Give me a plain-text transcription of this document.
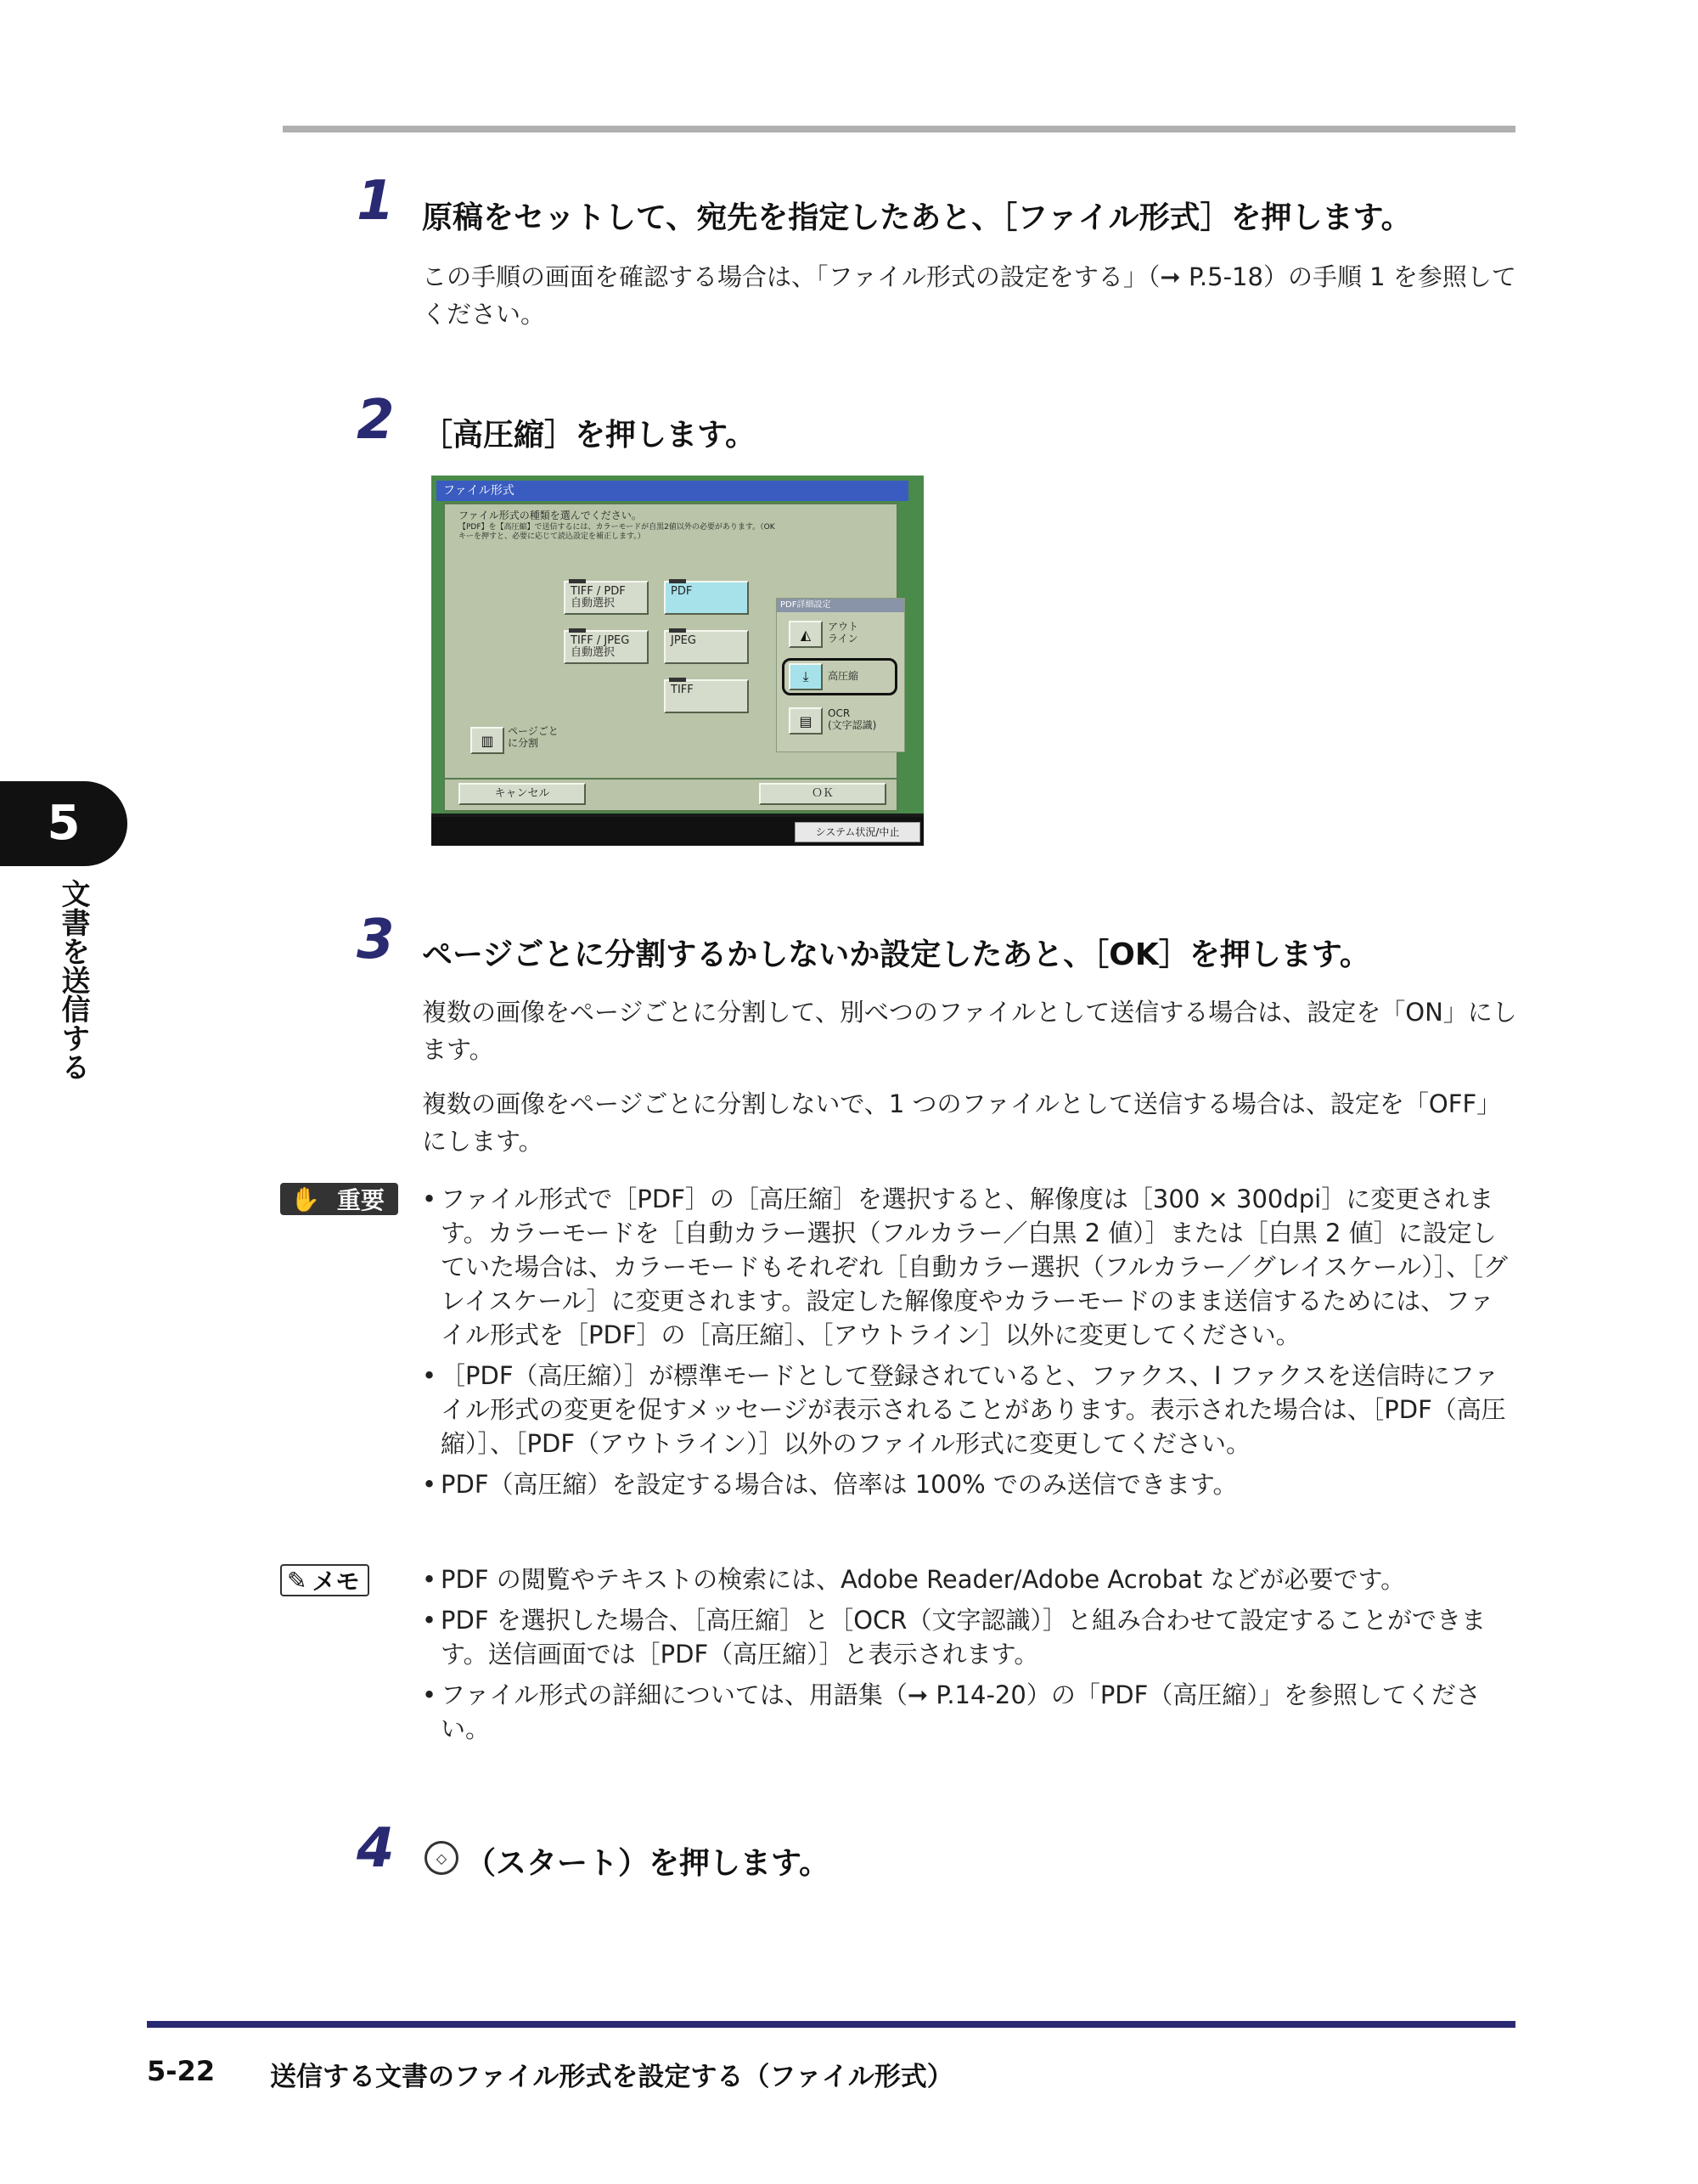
5
文書を送信する
1 原稿をセットして、宛先を指定したあと、［ファイル形式］を押します。
この手順の画面を確認する場合は、「ファイル形式の設定をする」（➞ P.5-18）の手順 1 を参照してください。
2 ［高圧縮］を押します。
ファイル形式
ファイル形式の種類を選んでください。
【PDF】を【高圧縮】で送信するには、カラーモードが自黒2値以外の必要があります。（OKキーを押すと、必要に応じて読込設定を補正します。）
TIFF / PDF
自動選択
PDF
TIFF / JPEG
自動選択
JPEG
TIFF
▥
ページごと
に分割
PDF詳細設定
◭	アウト
ライン
⤓	高圧縮
▤	OCR
(文字認識)
キャンセル	ＯＫ
システム状況/中止
3 ページごとに分割するかしないか設定したあと、［OK］を押します。
複数の画像をページごとに分割して、別べつのファイルとして送信する場合は、設定を「ON」にします。
複数の画像をページごとに分割しないで、1 つのファイルとして送信する場合は、設定を「OFF」にします。
✋ 重要	• ファイル形式で［PDF］の［高圧縮］を選択すると、解像度は［300 × 300dpi］に変更されます。カラーモードを［自動カラー選択（フルカラー／白黒 2 値）］または［白黒 2 値］に設定していた場合は、カラーモードもそれぞれ［自動カラー選択（フルカラー／グレイスケール）］、［グレイスケール］に変更されます。設定した解像度やカラーモードのまま送信するためには、ファイル形式を［PDF］の［高圧縮］、［アウトライン］以外に変更してください。
• ［PDF（高圧縮）］が標準モードとして登録されていると、ファクス、I ファクスを送信時にファイル形式の変更を促すメッセージが表示されることがあります。表示された場合は、［PDF（高圧縮）］、［PDF（アウトライン）］以外のファイル形式に変更してください。
• PDF（高圧縮）を設定する場合は、倍率は 100% でのみ送信できます。
✎ メモ	• PDF の閲覧やテキストの検索には、Adobe Reader/Adobe Acrobat などが必要です。
• PDF を選択した場合、［高圧縮］と［OCR（文字認識）］と組み合わせて設定することができます。送信画面では［PDF（高圧縮）］と表示されます。
• ファイル形式の詳細については、用語集（➞ P.14-20）の「PDF（高圧縮）」を参照してください。
4	◇ （スタート）を押します。
5-22 送信する文書のファイル形式を設定する（ファイル形式）
